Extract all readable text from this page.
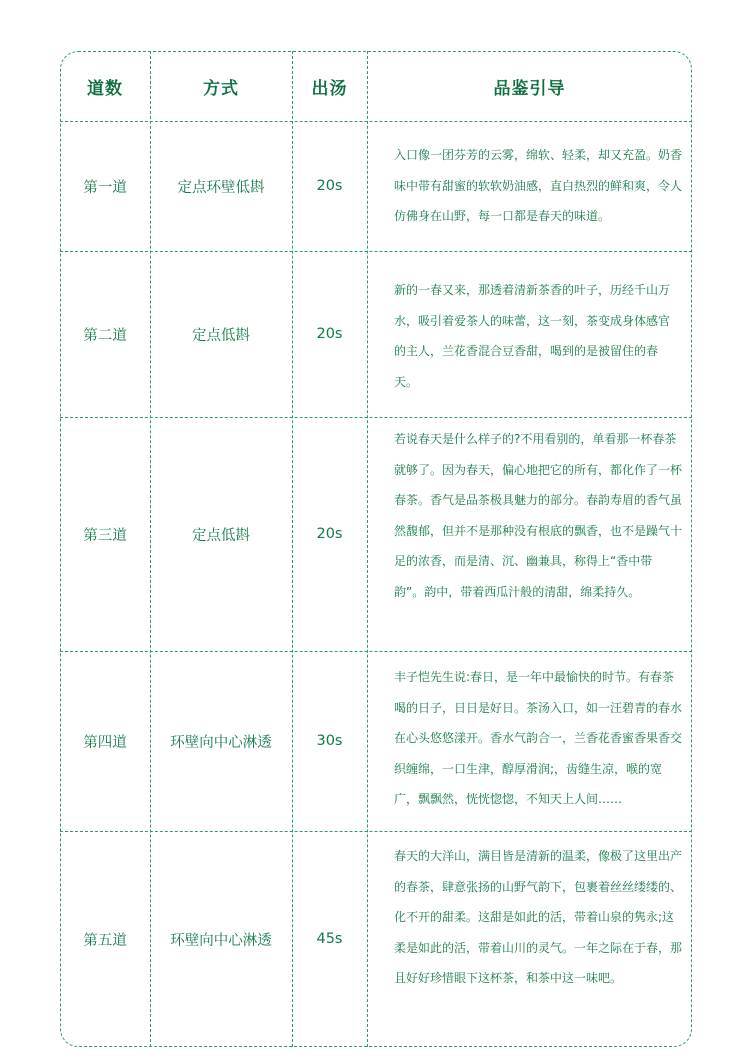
道数	方式	出汤	品鉴引导
第一道	定点环壁低斟	20s
入口像一团芬芳的云雾，绵软、轻柔，却又充盈。奶香味中带有甜蜜的软软奶油感，直白热烈的鲜和爽，令人仿佛身在山野，每一口都是春天的味道。
第二道	定点低斟	20s
新的一春又来，那透着清新茶香的叶子，历经千山万水，吸引着爱茶人的味蕾，这一刻，茶变成身体感官的主人，兰花香混合豆香甜，喝到的是被留住的春天。
第三道	定点低斟	20s
若说春天是什么样子的?不用看别的，单看那一杯春茶就够了。因为春天，偏心地把它的所有，都化作了一杯春茶。香气是品茶极具魅力的部分。春韵寿眉的香气虽然馥郁，但并不是那种没有根底的飘香，也不是躁气十足的浓香，而是清、沉、幽兼具，称得上“香中带韵”。韵中，带着西瓜汁般的清甜，绵柔持久。
第四道	环壁向中心淋透	30s
丰子恺先生说:春日，是一年中最愉快的时节。有春茶喝的日子，日日是好日。茶汤入口，如一汪碧青的春水在心头悠悠漾开。香水气韵合一，兰香花香蜜香果香交织缠绵，一口生津，醇厚滑润;，齿缝生凉，喉的宽广，飘飘然，恍恍惚惚，不知天上人间……
第五道	环壁向中心淋透	45s
春天的大洋山，满目皆是清新的温柔，像极了这里出产的春茶，肆意张扬的山野气韵下，包裹着丝丝缕缕的、化不开的甜柔。这甜是如此的活，带着山泉的隽永;这柔是如此的活，带着山川的灵气。一年之际在于春，那且好好珍惜眼下这杯茶，和茶中这一味吧。
